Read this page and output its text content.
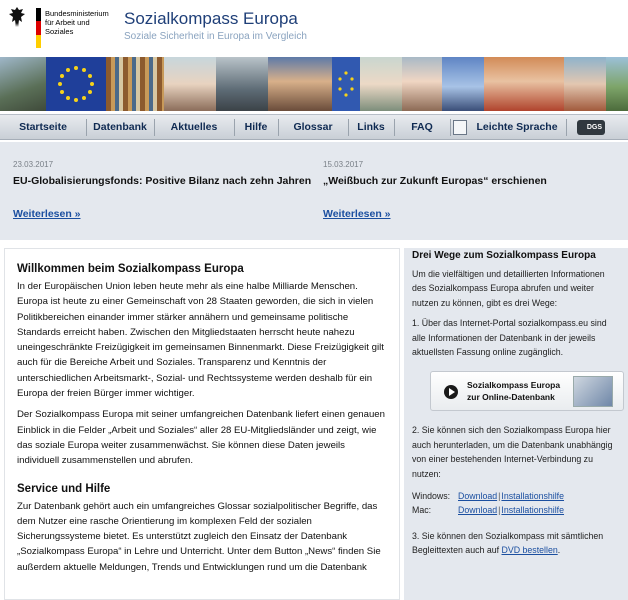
Bundesministerium
für Arbeit und Soziales
Sozialkompass Europa
Soziale Sicherheit in Europa im Vergleich
Startseite	Datenbank	Aktuelles	Hilfe	Glossar	Links	FAQ	Leichte Sprache	DGS
23.03.2017
EU-Globalisierungsfonds: Positive Bilanz nach zehn Jahren
15.03.2017
„Weißbuch zur Zukunft Europas“ erschienen
Weiterlesen »	Weiterlesen »
Willkommen beim Sozialkompass Europa

In der Europäischen Union leben heute mehr als eine halbe Milliarde Menschen. Europa ist heute zu einer Gemeinschaft von 28 Staaten geworden, die sich in vielen Politikbereichen einander immer stärker annähern und gemeinsame politische Standards erreicht haben. Zwischen den Mitgliedstaaten herrscht heute nahezu uneingeschränkte Freizügigkeit im gemeinsamen Binnenmarkt. Diese Freizügigkeit gilt auch für die Bereiche Arbeit und Soziales. Transparenz und Kenntnis der unterschiedlichen Arbeitsmarkt-, Sozial- und Rechtssysteme werden deshalb für ein Europa der freien Bürger immer wichtiger.

Der Sozialkompass Europa mit seiner umfangreichen Datenbank liefert einen genauen Einblick in die Felder „Arbeit und Soziales“ aller 28 EU-Mitgliedsländer und zeigt, wie das soziale Europa weiter zusammenwächst. Sie können diese Daten jeweils individuell zusammenstellen und abrufen.

Service und Hilfe

Zur Datenbank gehört auch ein umfangreiches Glossar sozialpolitischer Begriffe, das dem Nutzer eine rasche Orientierung im komplexen Feld der sozialen Sicherungssysteme bietet. Es unterstützt zugleich den Einsatz der Datenbank „Sozialkompass Europa“ in Lehre und Unterricht. Unter dem Button „News“ finden Sie außerdem aktuelle Meldungen, Trends und Entwicklungen rund um die Datenbank

Drei Wege zum Sozialkompass Europa

Um die vielfältigen und detaillierten Informationen des Sozialkompass Europa abrufen und weiter nutzen zu können, gibt es drei Wege:

1. Über das Internet-Portal sozialkompass.eu sind alle Informationen der Datenbank in der jeweils aktuellsten Fassung online zugänglich.

Sozialkompass Europa
zur Online-Datenbank

2. Sie können sich den Sozialkompass Europa hier auch herunterladen, um die Datenbank unabhängig von einer bestehenden Internet-Verbindung zu nutzen:

Windows: Download | Installationshilfe
Mac:	Download | Installationshilfe

3. Sie können den Sozialkompass mit sämtlichen Begleittexten auch auf DVD bestellen.
